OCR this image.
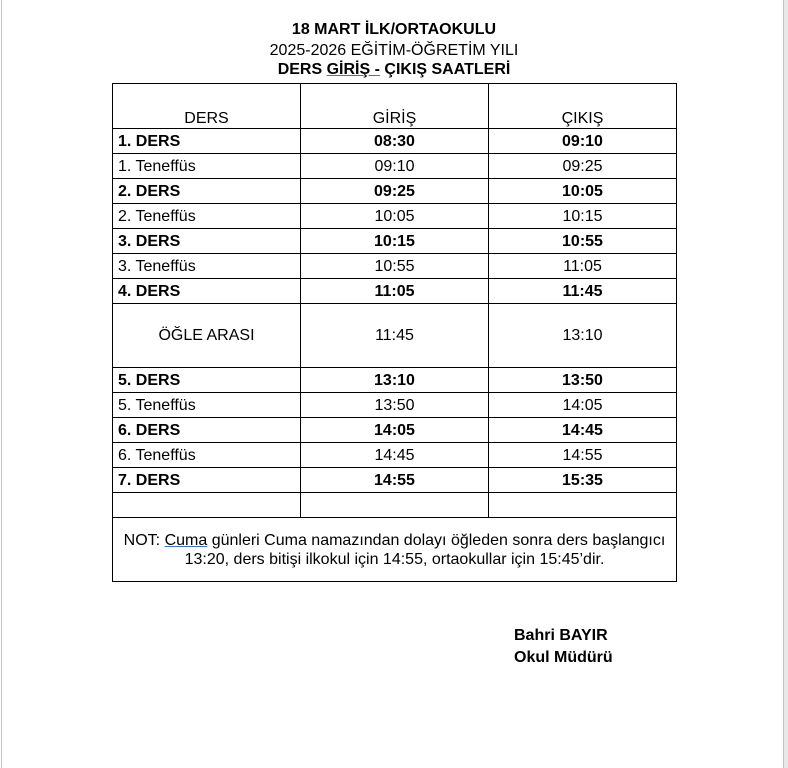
18 MART İLK/ORTAOKULU
2025-2026 EĞİTİM-ÖĞRETİM YILI
DERS GİRİŞ - ÇIKIŞ SAATLERİ
DERS	GİRİŞ	ÇIKIŞ
1. DERS	08:30	09:10
1. Teneffüs	09:10	09:25
2. DERS	09:25	10:05
2. Teneffüs	10:05	10:15
3. DERS	10:15	10:55
3. Teneffüs	10:55	11:05
4. DERS	11:05	11:45
ÖĞLE ARASI	11:45	13:10
5. DERS	13:10	13:50
5. Teneffüs	13:50	14:05
6. DERS	14:05	14:45
6. Teneffüs	14:45	14:55
7. DERS	14:55	15:35

NOT: Cuma günleri Cuma namazından dolayı öğleden sonra ders başlangıcı 13:20, ders bitişi ilkokul için 14:55, ortaokullar için 15:45’dir.		
Bahri BAYIR
Okul Müdürü
